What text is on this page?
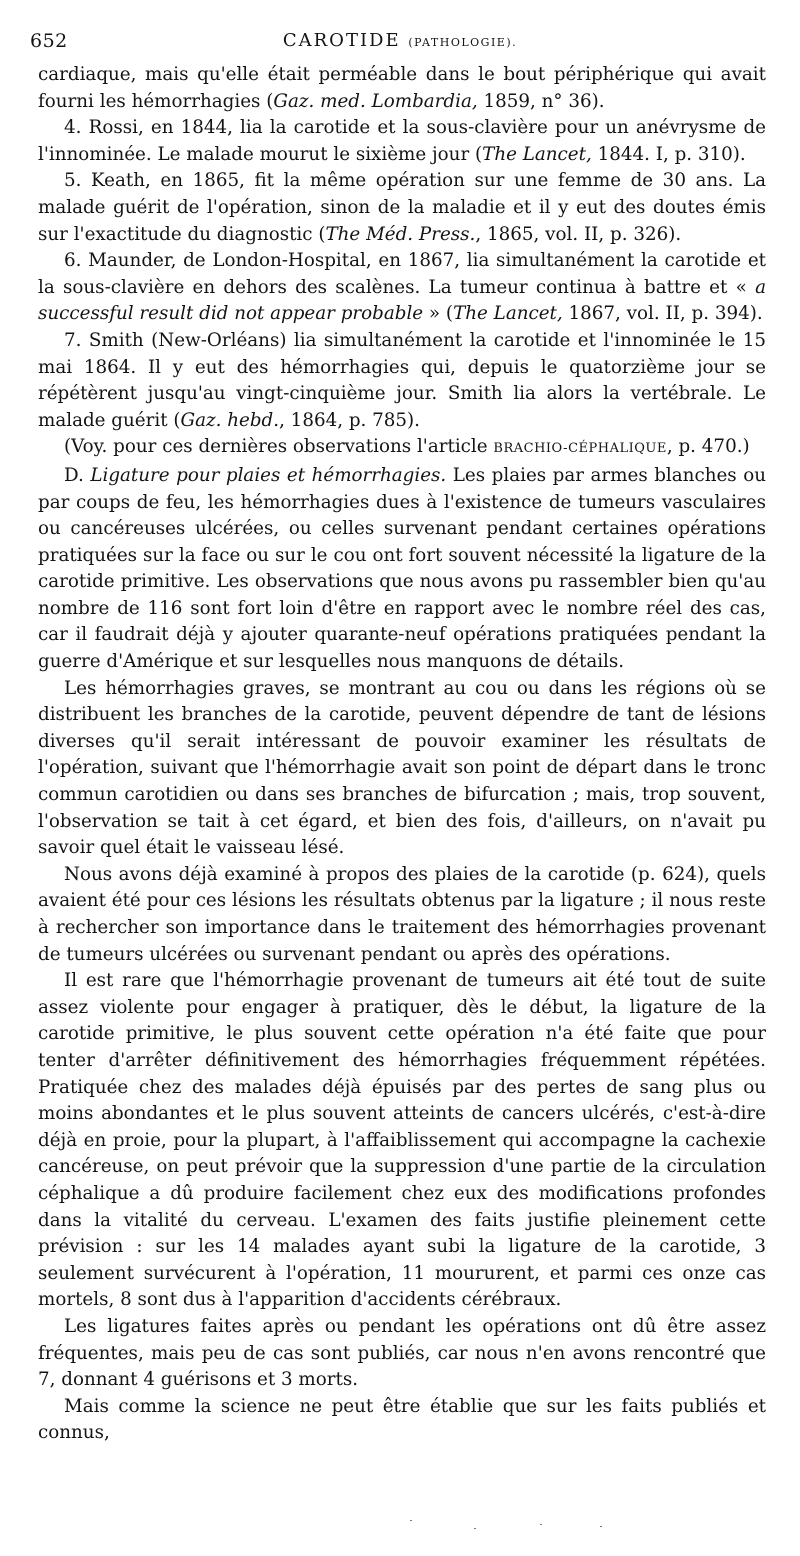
652	CAROTIDE (PATHOLOGIE).

cardiaque, mais qu'elle était perméable dans le bout périphérique qui avait fourni les hémorrhagies (Gaz. med. Lombardia, 1859, n° 36).

4. Rossi, en 1844, lia la carotide et la sous-clavière pour un anévrysme de l'innominée. Le malade mourut le sixième jour (The Lancet, 1844. I, p. 310).

5. Keath, en 1865, fit la même opération sur une femme de 30 ans. La malade guérit de l'opération, sinon de la maladie et il y eut des doutes émis sur l'exactitude du diagnostic (The Méd. Press., 1865, vol. II, p. 326).

6. Maunder, de London-Hospital, en 1867, lia simultanément la carotide et la sous-clavière en dehors des scalènes. La tumeur continua à battre et « a successful result did not appear probable » (The Lancet, 1867, vol. II, p. 394).

7. Smith (New-Orléans) lia simultanément la carotide et l'innominée le 15 mai 1864. Il y eut des hémorrhagies qui, depuis le quatorzième jour se répétèrent jusqu'au vingt-cinquième jour. Smith lia alors la vertébrale. Le malade guérit (Gaz. hebd., 1864, p. 785).

(Voy. pour ces dernières observations l'article BRACHIO-CÉPHALIQUE, p. 470.)

D. Ligature pour plaies et hémorrhagies. Les plaies par armes blanches ou par coups de feu, les hémorrhagies dues à l'existence de tumeurs vasculaires ou cancéreuses ulcérées, ou celles survenant pendant certaines opérations pratiquées sur la face ou sur le cou ont fort souvent nécessité la ligature de la carotide primitive. Les observations que nous avons pu rassembler bien qu'au nombre de 116 sont fort loin d'être en rapport avec le nombre réel des cas, car il faudrait déjà y ajouter quarante-neuf opérations pratiquées pendant la guerre d'Amérique et sur lesquelles nous manquons de détails.

Les hémorrhagies graves, se montrant au cou ou dans les régions où se distribuent les branches de la carotide, peuvent dépendre de tant de lésions diverses qu'il serait intéressant de pouvoir examiner les résultats de l'opération, suivant que l'hémorrhagie avait son point de départ dans le tronc commun carotidien ou dans ses branches de bifurcation ; mais, trop souvent, l'observation se tait à cet égard, et bien des fois, d'ailleurs, on n'avait pu savoir quel était le vaisseau lésé.

Nous avons déjà examiné à propos des plaies de la carotide (p. 624), quels avaient été pour ces lésions les résultats obtenus par la ligature ; il nous reste à rechercher son importance dans le traitement des hémorrhagies provenant de tumeurs ulcérées ou survenant pendant ou après des opérations.

Il est rare que l'hémorrhagie provenant de tumeurs ait été tout de suite assez violente pour engager à pratiquer, dès le début, la ligature de la carotide primitive, le plus souvent cette opération n'a été faite que pour tenter d'arrêter définitivement des hémorrhagies fréquemment répétées. Pratiquée chez des malades déjà épuisés par des pertes de sang plus ou moins abondantes et le plus souvent atteints de cancers ulcérés, c'est-à-dire déjà en proie, pour la plupart, à l'affaiblissement qui accompagne la cachexie cancéreuse, on peut prévoir que la suppression d'une partie de la circulation céphalique a dû produire facilement chez eux des modifications profondes dans la vitalité du cerveau. L'examen des faits justifie pleinement cette prévision : sur les 14 malades ayant subi la ligature de la carotide, 3 seulement survécurent à l'opération, 11 moururent, et parmi ces onze cas mortels, 8 sont dus à l'apparition d'accidents cérébraux.

Les ligatures faites après ou pendant les opérations ont dû être assez fréquentes, mais peu de cas sont publiés, car nous n'en avons rencontré que 7, donnant 4 guérisons et 3 morts.

Mais comme la science ne peut être établie que sur les faits publiés et connus,
